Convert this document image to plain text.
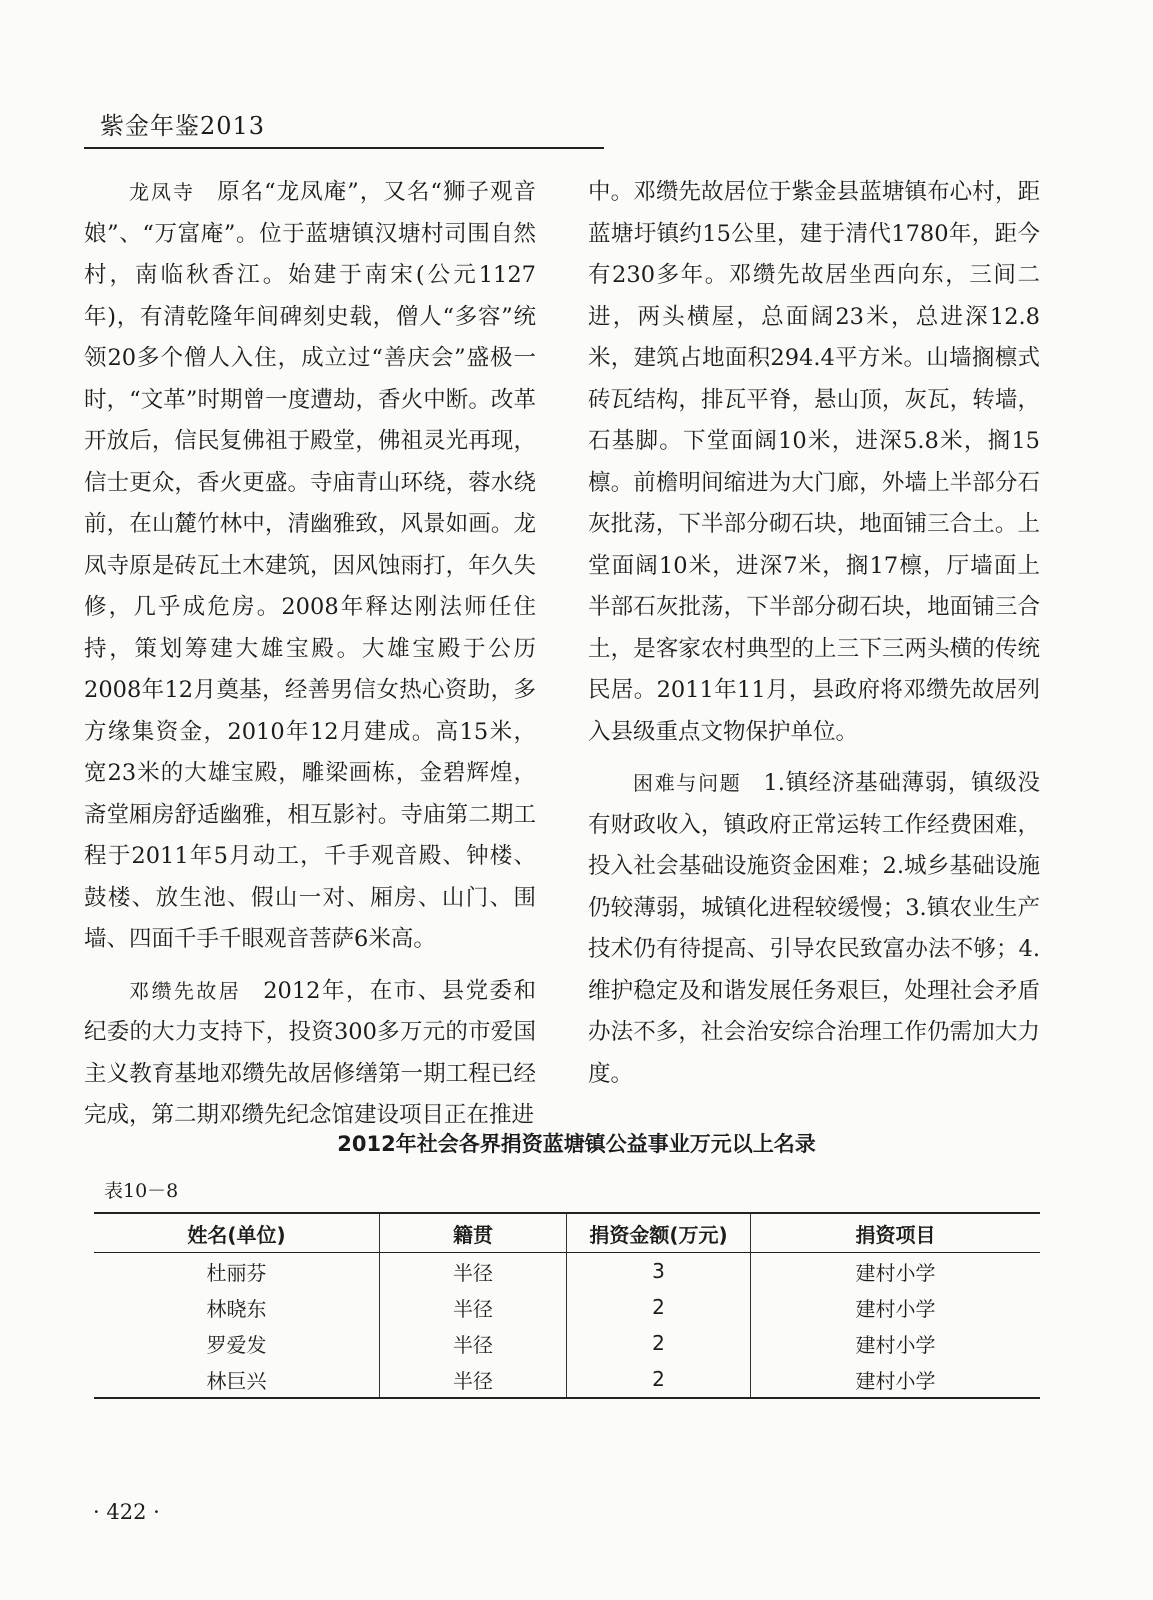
紫金年鉴2013

龙凤寺 原名“龙凤庵”，又名“狮子观音娘”、“万富庵”。位于蓝塘镇汉塘村司围自然村，南临秋香江。始建于南宋(公元1127年)，有清乾隆年间碑刻史载，僧人“多容”统领20多个僧人入住，成立过“善庆会”盛极一时，“文革”时期曾一度遭劫，香火中断。改革开放后，信民复佛祖于殿堂，佛祖灵光再现，信士更众，香火更盛。寺庙青山环绕，蓉水绕前，在山麓竹林中，清幽雅致，风景如画。龙凤寺原是砖瓦土木建筑，因风蚀雨打，年久失修，几乎成危房。2008年释达刚法师任住持，策划筹建大雄宝殿。大雄宝殿于公历2008年12月奠基，经善男信女热心资助，多方缘集资金，2010年12月建成。高15米，宽23米的大雄宝殿，雕梁画栋，金碧辉煌，斋堂厢房舒适幽雅，相互影衬。寺庙第二期工程于2011年5月动工，千手观音殿、钟楼、鼓楼、放生池、假山一对、厢房、山门、围墙、四面千手千眼观音菩萨6米高。

邓缵先故居 2012年，在市、县党委和纪委的大力支持下，投资300多万元的市爱国主义教育基地邓缵先故居修缮第一期工程已经完成，第二期邓缵先纪念馆建设项目正在推进

中。邓缵先故居位于紫金县蓝塘镇布心村，距蓝塘圩镇约15公里，建于清代1780年，距今有230多年。邓缵先故居坐西向东，三间二进，两头横屋，总面阔23米，总进深12.8米，建筑占地面积294.4平方米。山墙搁檩式砖瓦结构，排瓦平脊，悬山顶，灰瓦，转墙，石基脚。下堂面阔10米，进深5.8米，搁15檩。前檐明间缩进为大门廊，外墙上半部分石灰批荡，下半部分砌石块，地面铺三合土。上堂面阔10米，进深7米，搁17檩，厅墙面上半部石灰批荡，下半部分砌石块，地面铺三合土，是客家农村典型的上三下三两头横的传统民居。2011年11月，县政府将邓缵先故居列入县级重点文物保护单位。

困难与问题 1.镇经济基础薄弱，镇级没有财政收入，镇政府正常运转工作经费困难，投入社会基础设施资金困难；2.城乡基础设施仍较薄弱，城镇化进程较缓慢；3.镇农业生产技术仍有待提高、引导农民致富办法不够；4.维护稳定及和谐发展任务艰巨，处理社会矛盾办法不多，社会治安综合治理工作仍需加大力度。

2012年社会各界捐资蓝塘镇公益事业万元以上名录
表10－8
姓名(单位)	籍贯	捐资金额(万元)	捐资项目
杜丽芬	半径	3	建村小学
林晓东	半径	2	建村小学
罗爱发	半径	2	建村小学
林巨兴	半径	2	建村小学
· 422 ·
